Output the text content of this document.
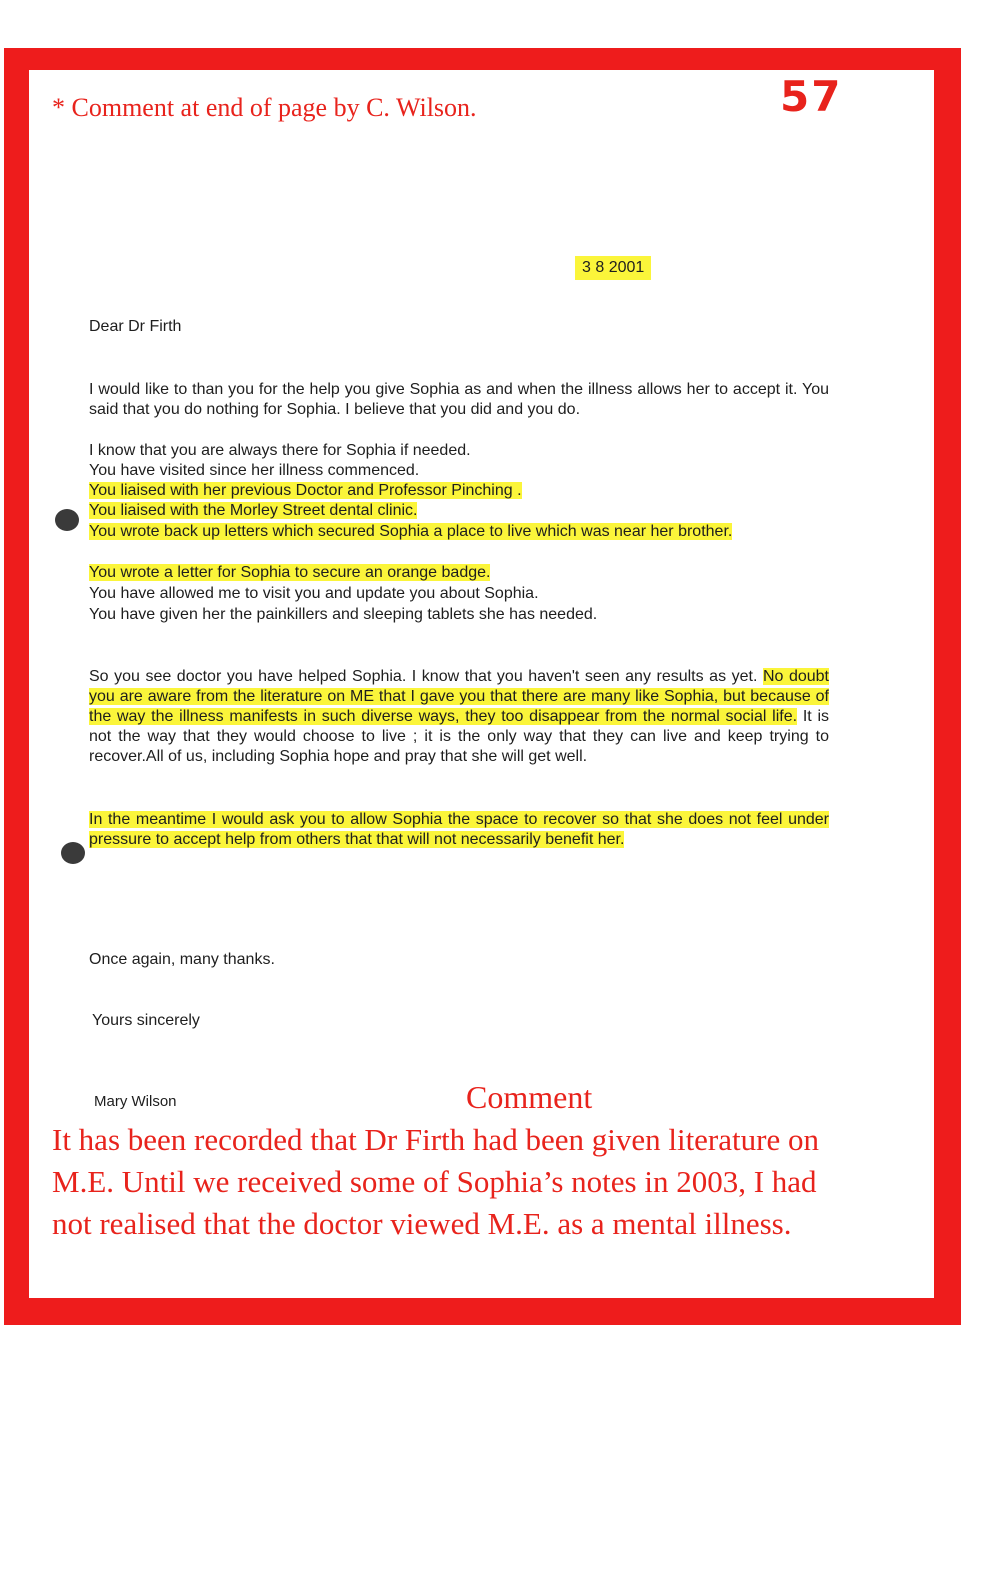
* Comment at end of page by C. Wilson.	57
3 8 2001
Dear Dr Firth
I would like to than you for the help you give Sophia as and when the illness allows her to accept it. You said that you do nothing for Sophia. I believe that you did and you do.
I know that you are always there for Sophia if needed.
You have visited since her illness commenced.
You liaised with her previous Doctor and Professor Pinching .
You liaised with the Morley Street dental clinic.
You wrote back up letters which secured Sophia a place to live which was near her brother.
You wrote a letter for Sophia to secure an orange badge.
You have allowed me to visit you and update you about Sophia.
You have given her the painkillers and sleeping tablets she has needed.
So you see doctor you have helped Sophia. I know that you haven't seen any results as yet. No doubt you are aware from the literature on ME that I gave you that there are many like Sophia, but because of the way the illness manifests in such diverse ways, they too disappear from the normal social life. It is not the way that they would choose to live ; it is the only way that they can live and keep trying to recover.All of us, including Sophia hope and pray that she will get well.
In the meantime I would ask you to allow Sophia the space to recover so that she does not feel under pressure to accept help from others that that will not necessarily benefit her.
Once again, many thanks.
Yours sincerely
Mary Wilson	Comment
It has been recorded that Dr Firth had been given literature on
M.E. Until we received some of Sophia’s notes in 2003, I had
not realised that the doctor viewed M.E. as a mental illness.
